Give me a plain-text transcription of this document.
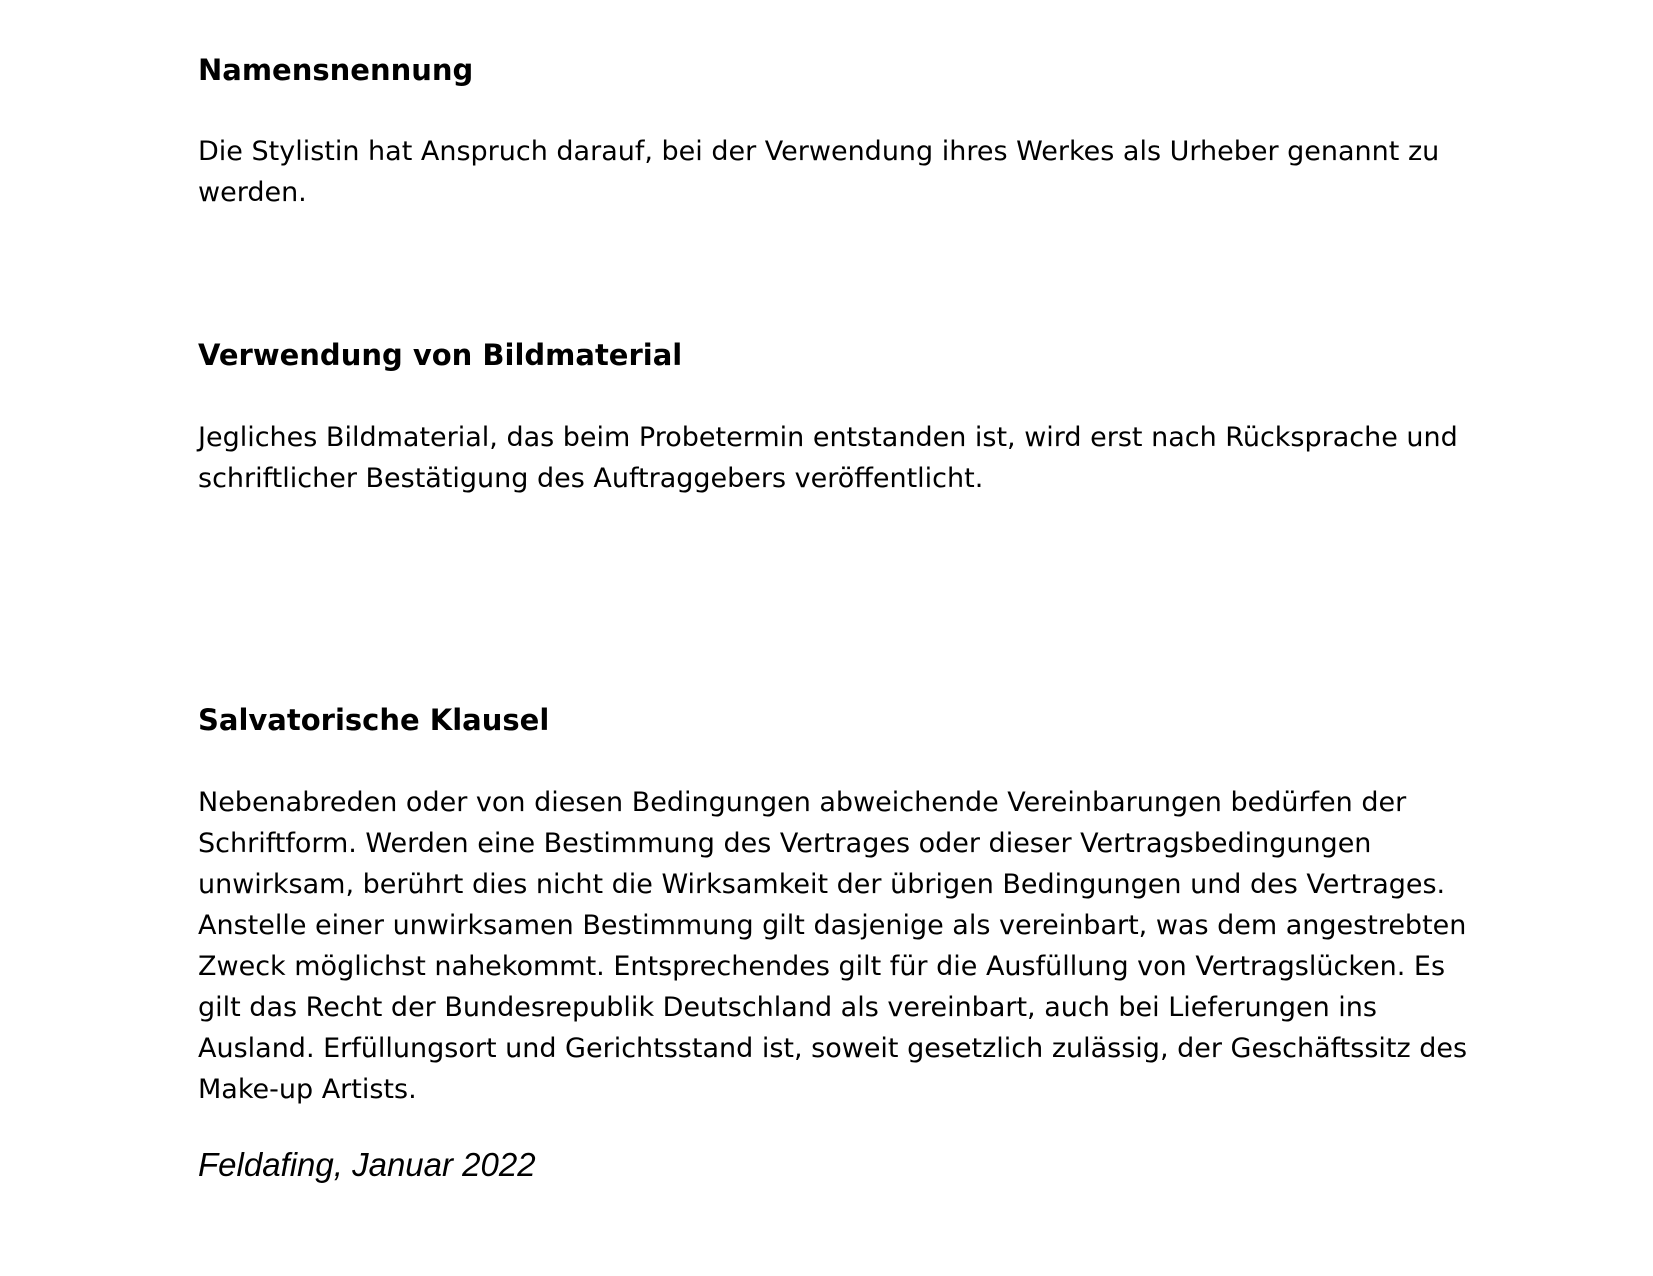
Namensnennung

Die Stylistin hat Anspruch darauf, bei der Verwendung ihres Werkes als Urheber genannt zu werden.

Verwendung von Bildmaterial

Jegliches Bildmaterial, das beim Probetermin entstanden ist, wird erst nach Rücksprache und schriftlicher Bestätigung des Auftraggebers veröffentlicht.

Salvatorische Klausel

Nebenabreden oder von diesen Bedingungen abweichende Vereinbarungen bedürfen der Schriftform. Werden eine Bestimmung des Vertrages oder dieser Vertragsbedingungen unwirksam, berührt dies nicht die Wirksamkeit der übrigen Bedingungen und des Vertrages. Anstelle einer unwirksamen Bestimmung gilt dasjenige als vereinbart, was dem angestrebten Zweck möglichst nahekommt. Entsprechendes gilt für die Ausfüllung von Vertragslücken. Es gilt das Recht der Bundesrepublik Deutschland als vereinbart, auch bei Lieferungen ins Ausland. Erfüllungsort und Gerichtsstand ist, soweit gesetzlich zulässig, der Geschäftssitz des Make-up Artists.

Feldafing, Januar 2022
